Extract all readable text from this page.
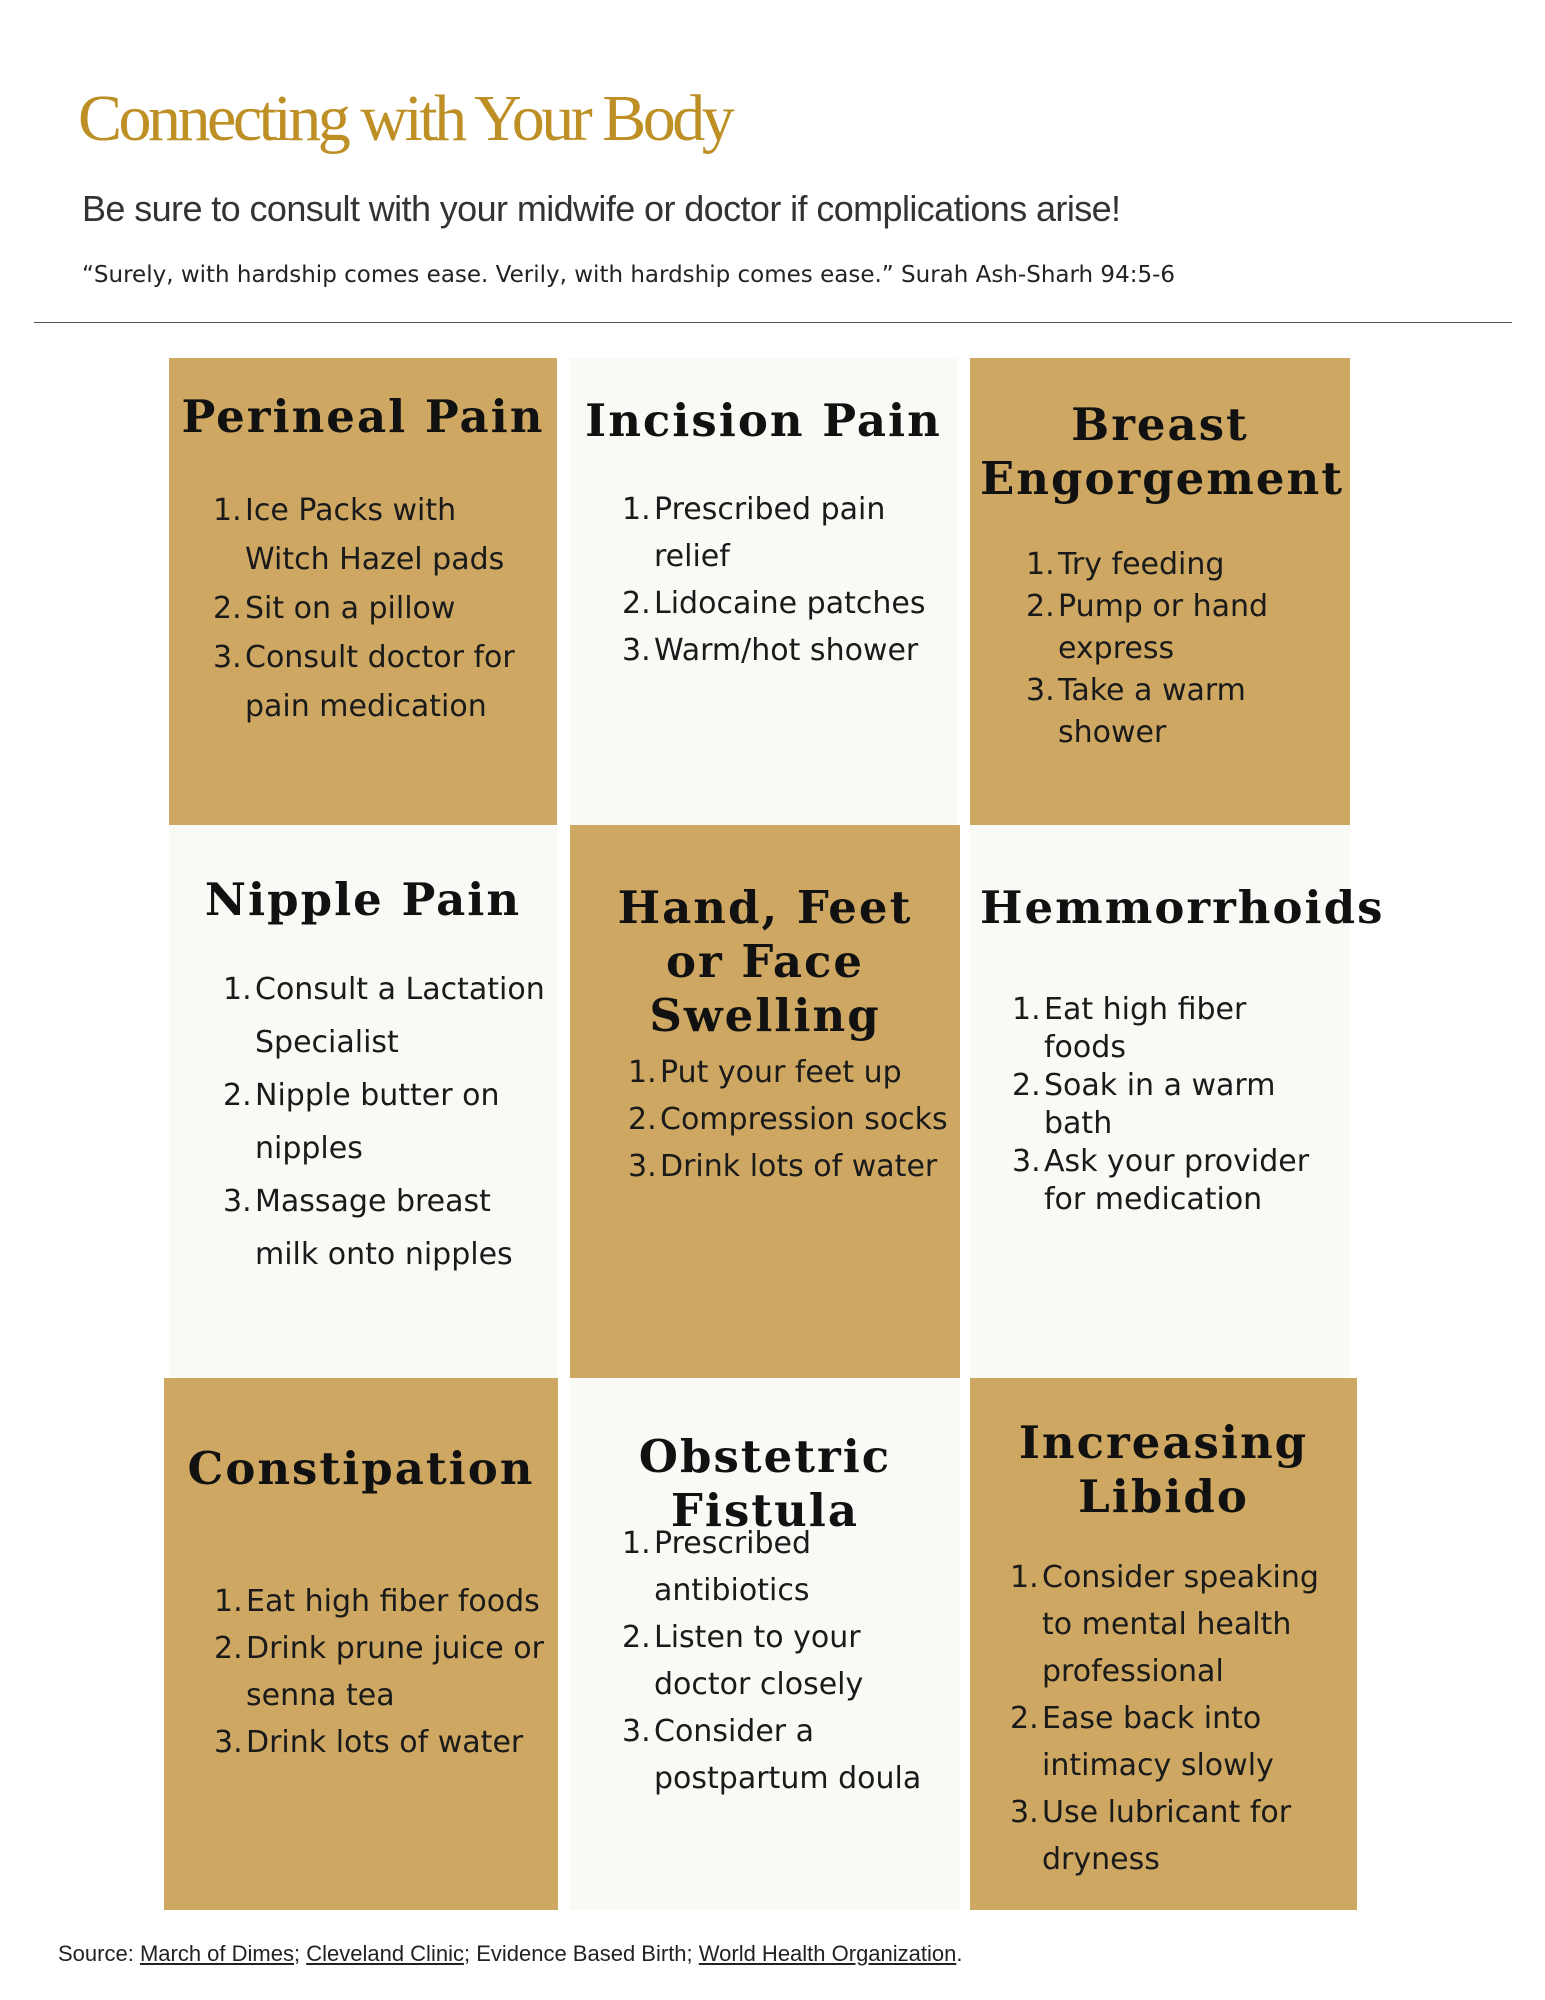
Connecting with Your Body
Be sure to consult with your midwife or doctor if complications arise!
“Surely, with hardship comes ease. Verily, with hardship comes ease.” Surah Ash-Sharh 94:5-6
Perineal Pain
1. Ice Packs with Witch Hazel pads
2. Sit on a pillow
3. Consult doctor for pain medication
Incision Pain
1. Prescribed pain relief
2. Lidocaine patches
3. Warm/hot shower
Breast Engorgement
1. Try feeding
2. Pump or hand express
3. Take a warm shower
Nipple Pain
1. Consult a Lactation Specialist
2. Nipple butter on nipples
3. Massage breast milk onto nipples
Hand, Feet or Face Swelling
1. Put your feet up
2. Compression socks
3. Drink lots of water
Hemmorrhoids
1. Eat high fiber foods
2. Soak in a warm bath
3. Ask your provider for medication
Constipation
1. Eat high fiber foods
2. Drink prune juice or senna tea
3. Drink lots of water
Obstetric Fistula
1. Prescribed antibiotics
2. Listen to your doctor closely
3. Consider a postpartum doula
Increasing Libido
1. Consider speaking to mental health professional
2. Ease back into intimacy slowly
3. Use lubricant for dryness
Source: March of Dimes; Cleveland Clinic; Evidence Based Birth; World Health Organization.
